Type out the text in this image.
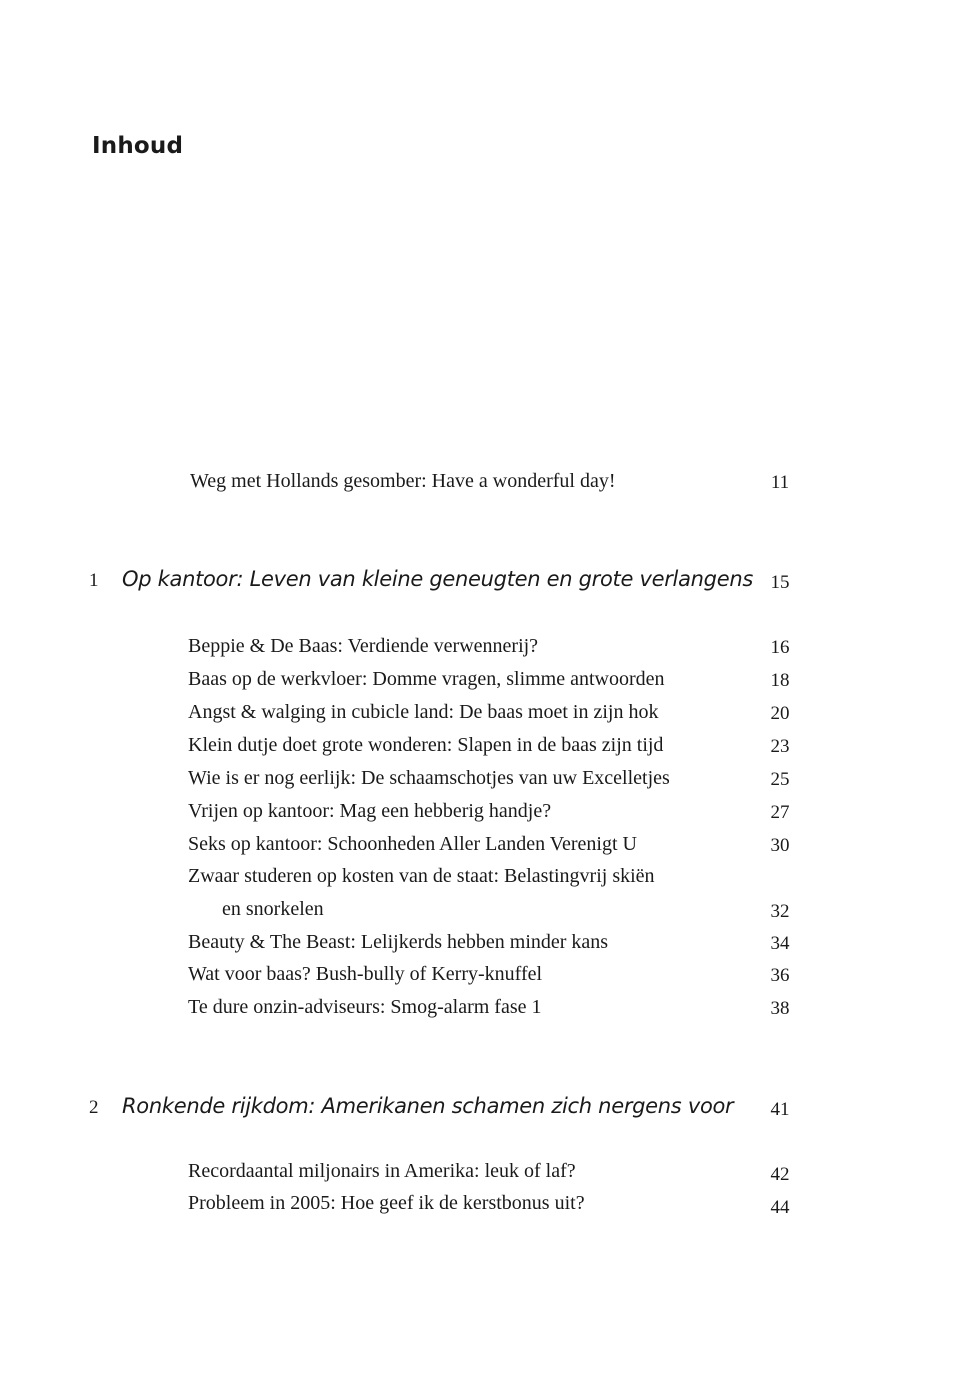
Inhoud
Weg met Hollands gesomber: Have a wonderful day!	11
1 Op kantoor: Leven van kleine geneugten en grote verlangens 15
Beppie & De Baas: Verdiende verwennerij?	16
Baas op de werkvloer: Domme vragen, slimme antwoorden	18
Angst & walging in cubicle land: De baas moet in zijn hok	20
Klein dutje doet grote wonderen: Slapen in de baas zijn tijd	23
Wie is er nog eerlijk: De schaamschotjes van uw Excelletjes	25
Vrijen op kantoor: Mag een hebberig handje?	27
Seks op kantoor: Schoonheden Aller Landen Verenigt U	30
Zwaar studeren op kosten van de staat: Belastingvrij skiën
en snorkelen	32
Beauty & The Beast: Lelijkerds hebben minder kans	34
Wat voor baas? Bush-bully of Kerry-knuffel	36
Te dure onzin-adviseurs: Smog-alarm fase 1	38
2 Ronkende rijkdom: Amerikanen schamen zich nergens voor	41
Recordaantal miljonairs in Amerika: leuk of laf?	42
Probleem in 2005: Hoe geef ik de kerstbonus uit?	44
